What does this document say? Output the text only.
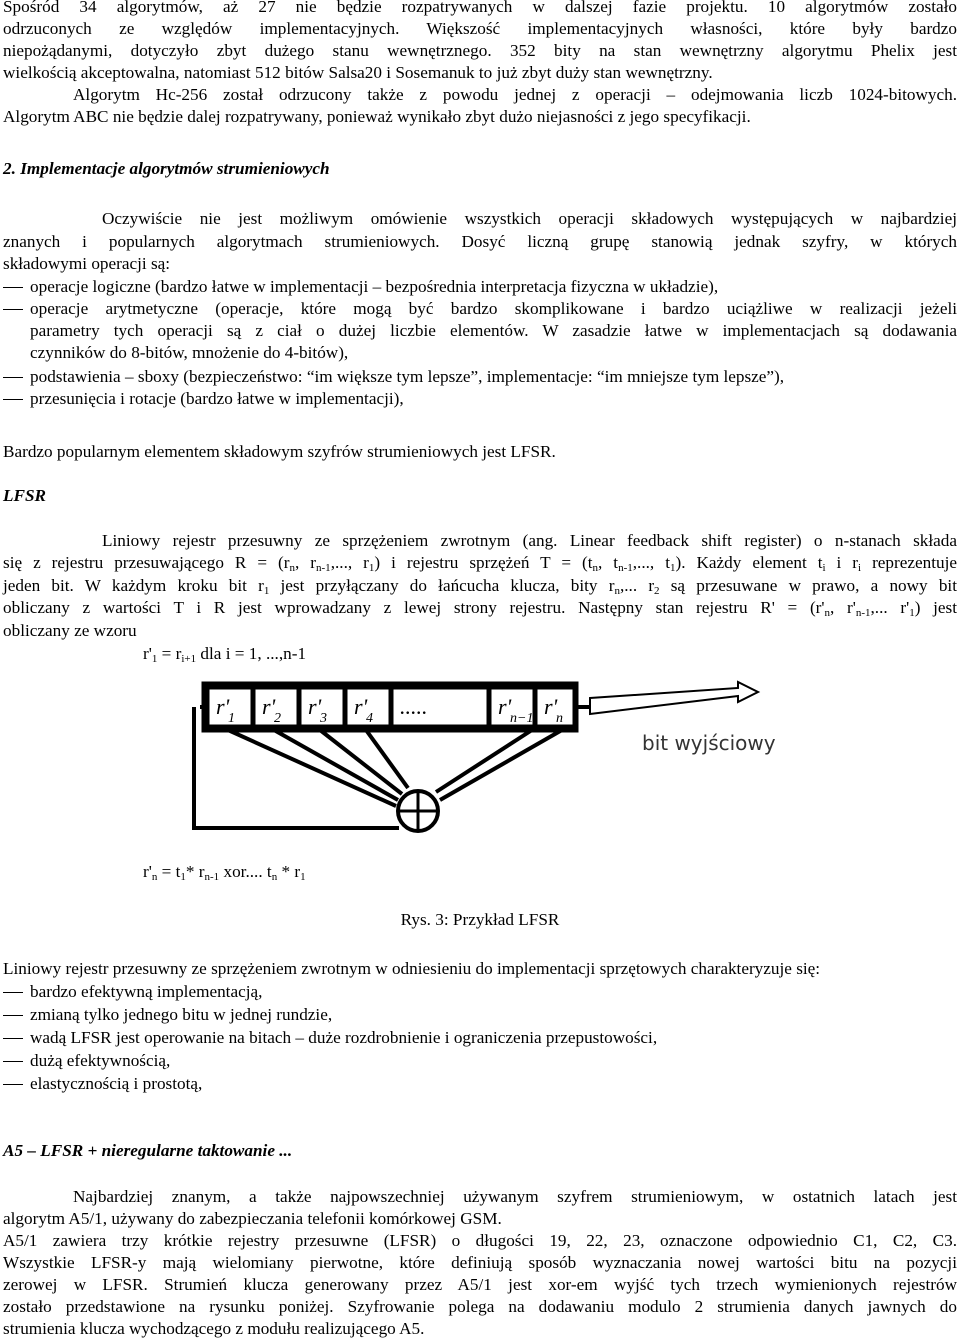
Spośród 34 algorytmów, aż 27 nie będzie rozpatrywanych w dalszej fazie projektu. 10 algorytmów zostało
odrzuconych ze względów implementacyjnych. Większość implementacyjnych własności, które były bardzo
niepożądanymi, dotyczyło zbyt dużego stanu wewnętrznego. 352 bity na stan wewnętrzny algorytmu Phelix jest
wielkością akceptowalna, natomiast 512 bitów Salsa20 i Sosemanuk to już zbyt duży stan wewnętrzny.
Algorytm Hc-256 został odrzucony także z powodu jednej z operacji – odejmowania liczb 1024-bitowych.
Algorytm ABC nie będzie dalej rozpatrywany, ponieważ wynikało zbyt dużo niejasności z jego specyfikacji.
2. Implementacje algorytmów strumieniowych
Oczywiście nie jest możliwym omówienie wszystkich operacji składowych występujących w najbardziej
znanych i popularnych algorytmach strumieniowych. Dosyć liczną grupę stanowią jednak szyfry, w których
składowymi operacji są:
operacje logiczne (bardzo łatwe w implementacji – bezpośrednia interpretacja fizyczna w układzie),
operacje arytmetyczne (operacje, które mogą być bardzo skomplikowane i bardzo uciążliwe w realizacji jeżeli
parametry tych operacji są z ciał o dużej liczbie elementów. W zasadzie łatwe w implementacjach są dodawania
czynników do 8-bitów, mnożenie do 4-bitów),
podstawienia – sboxy (bezpieczeństwo: “im większe tym lepsze”, implementacje: “im mniejsze tym lepsze”),
przesunięcia i rotacje (bardzo łatwe w implementacji),
Bardzo popularnym elementem składowym szyfrów strumieniowych jest LFSR.
LFSR
Liniowy rejestr przesuwny ze sprzężeniem zwrotnym (ang. Linear feedback shift register) o n-stanach składa
się z rejestru przesuwającego $R = (r_n$, $r_{n-1}$,..., $r_1$) i rejestru sprzężeń $T = (t_n$, $t_{n-1}$,..., $t_1$). Każdy element $t_i$ i $r_i$ reprezentuje
jeden bit. W każdym kroku bit $r_1$ jest przyłączany do łańcucha klucza, bity $r_n$,... $r_2$ są przesuwane w prawo, a nowy bit
obliczany z wartości T i R jest wprowadzany z lewej strony rejestru. Następny stan rejestru $R' = (r'_n$, $r'_{n-1}$,... $r'_1$) jest
obliczany ze wzoru
$r'_1 = r_{i+1}$ dla i = 1, ...,n-1
r'
1 r'
2 r'
3 r'
4 .....	r'
n−1 r'
n
bit wyjściowy
$r'_n = t_1*$ $r_{n-1}$ xor.... $t_n * r_1$
Rys. 3: Przykład LFSR
Liniowy rejestr przesuwny ze sprzężeniem zwrotnym w odniesieniu do implementacji sprzętowych charakteryzuje się:
bardzo efektywną implementacją,
zmianą tylko jednego bitu w jednej rundzie,
wadą LFSR jest operowanie na bitach – duże rozdrobnienie i ograniczenia przepustowości,
dużą efektywnością,
elastycznością i prostotą,
A5 – LFSR + nieregularne taktowanie ...
Najbardziej znanym, a także najpowszechniej używanym szyfrem strumieniowym, w ostatnich latach jest
algorytm A5/1, używany do zabezpieczania telefonii komórkowej GSM.
A5/1 zawiera trzy krótkie rejestry przesuwne (LFSR) o długości 19, 22, 23, oznaczone odpowiednio C1, C2, C3.
Wszystkie LFSR-y mają wielomiany pierwotne, które definiują sposób wyznaczania nowej wartości bitu na pozycji
zerowej w LFSR. Strumień klucza generowany przez A5/1 jest xor-em wyjść tych trzech wymienionych rejestrów
zostało przedstawione na rysunku poniżej. Szyfrowanie polega na dodawaniu modulo 2 strumienia danych jawnych do
strumienia klucza wychodzącego z modułu realizującego A5.
